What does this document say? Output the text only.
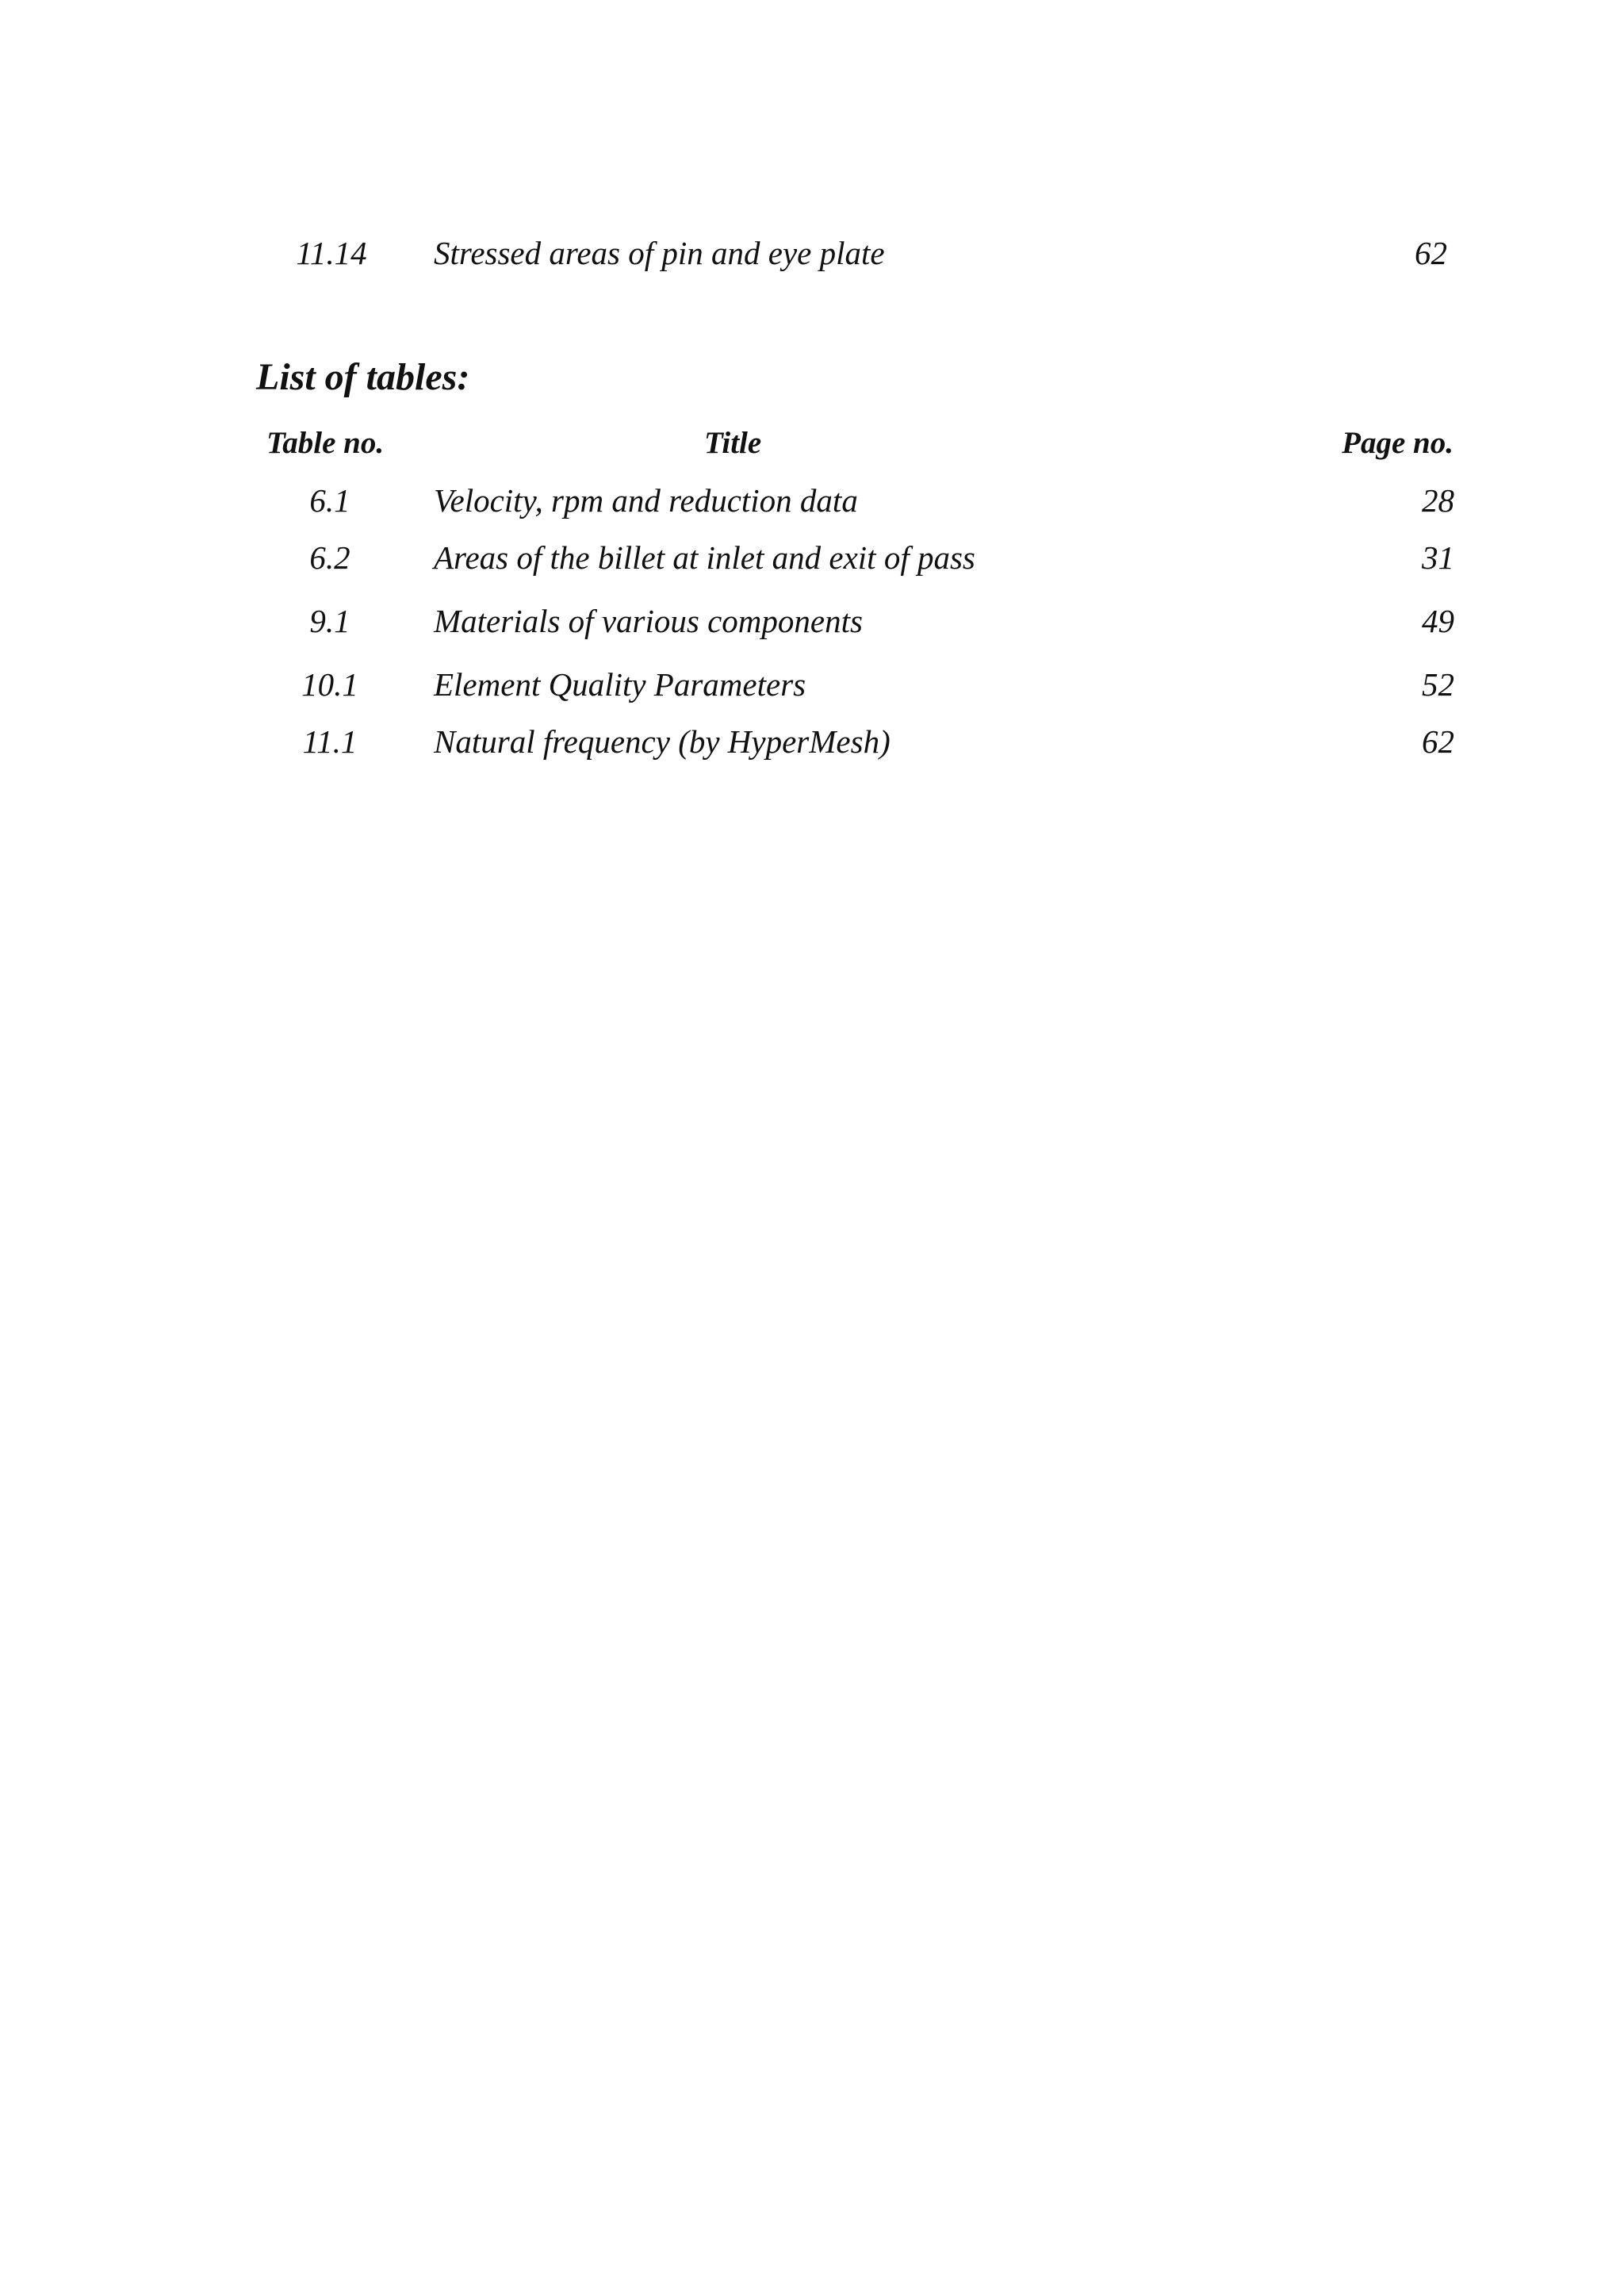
11.14	Stressed areas of pin and eye plate	62
List of tables:
Table no.	Title	Page no.
6.1	Velocity, rpm and reduction data	28
6.2	Areas of the billet at inlet and exit of pass	31
9.1	Materials of various components	49
10.1	Element Quality Parameters	52
11.1	Natural frequency (by HyperMesh)	62
